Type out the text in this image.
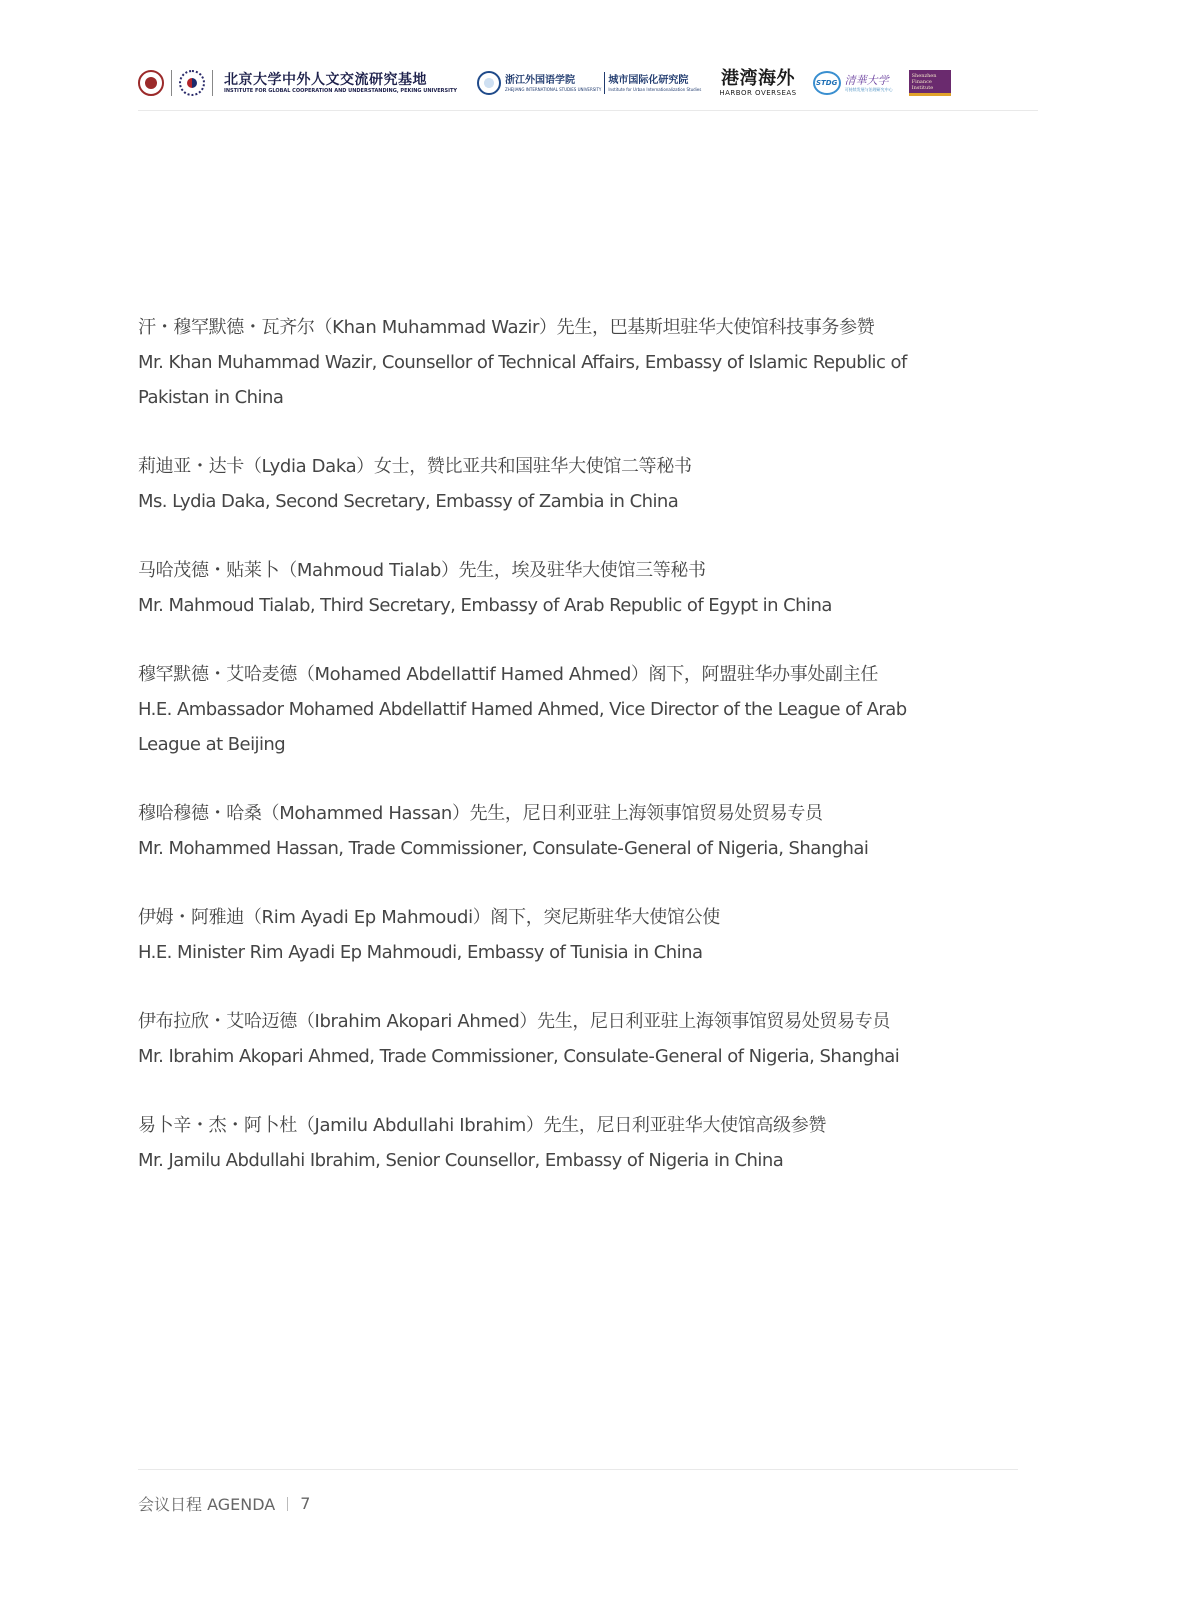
北京大学中外人文交流研究基地
INSTITUTE FOR GLOBAL COOPERATION AND UNDERSTANDING, PEKING UNIVERSITY
浙江外国语学院
ZHEJIANG INTERNATIONAL STUDIES UNIVERSITY
城市国际化研究院
Institute for Urban Internationalization Studies
港湾海外
HARBOR OVERSEAS
STDG 清華大学
可持续发展与治理研究中心
Shenzhen Finance Institute
汗・穆罕默德・瓦齐尔（Khan Muhammad Wazir）先生，巴基斯坦驻华大使馆科技事务参赞
Mr. Khan Muhammad Wazir, Counsellor of Technical Affairs, Embassy of Islamic Republic of Pakistan in China
莉迪亚・达卡（Lydia Daka）女士，赞比亚共和国驻华大使馆二等秘书
Ms. Lydia Daka, Second Secretary, Embassy of Zambia in China
马哈茂德・贴莱卜（Mahmoud Tialab）先生，埃及驻华大使馆三等秘书
Mr. Mahmoud Tialab, Third Secretary, Embassy of Arab Republic of Egypt in China
穆罕默德・艾哈麦德（Mohamed Abdellattif Hamed Ahmed）阁下，阿盟驻华办事处副主任
H.E. Ambassador Mohamed Abdellattif Hamed Ahmed, Vice Director of the League of Arab League at Beijing
穆哈穆德・哈桑（Mohammed Hassan）先生，尼日利亚驻上海领事馆贸易处贸易专员
Mr. Mohammed Hassan, Trade Commissioner, Consulate-General of Nigeria, Shanghai
伊姆・阿雅迪（Rim Ayadi Ep Mahmoudi）阁下，突尼斯驻华大使馆公使
H.E. Minister Rim Ayadi Ep Mahmoudi, Embassy of Tunisia in China
伊布拉欣・艾哈迈德（Ibrahim Akopari Ahmed）先生，尼日利亚驻上海领事馆贸易处贸易专员
Mr. Ibrahim Akopari Ahmed, Trade Commissioner, Consulate-General of Nigeria, Shanghai
易卜辛・杰・阿卜杜（Jamilu Abdullahi Ibrahim）先生，尼日利亚驻华大使馆高级参赞
Mr. Jamilu Abdullahi Ibrahim, Senior Counsellor, Embassy of Nigeria in China
会议日程 AGENDA 7
